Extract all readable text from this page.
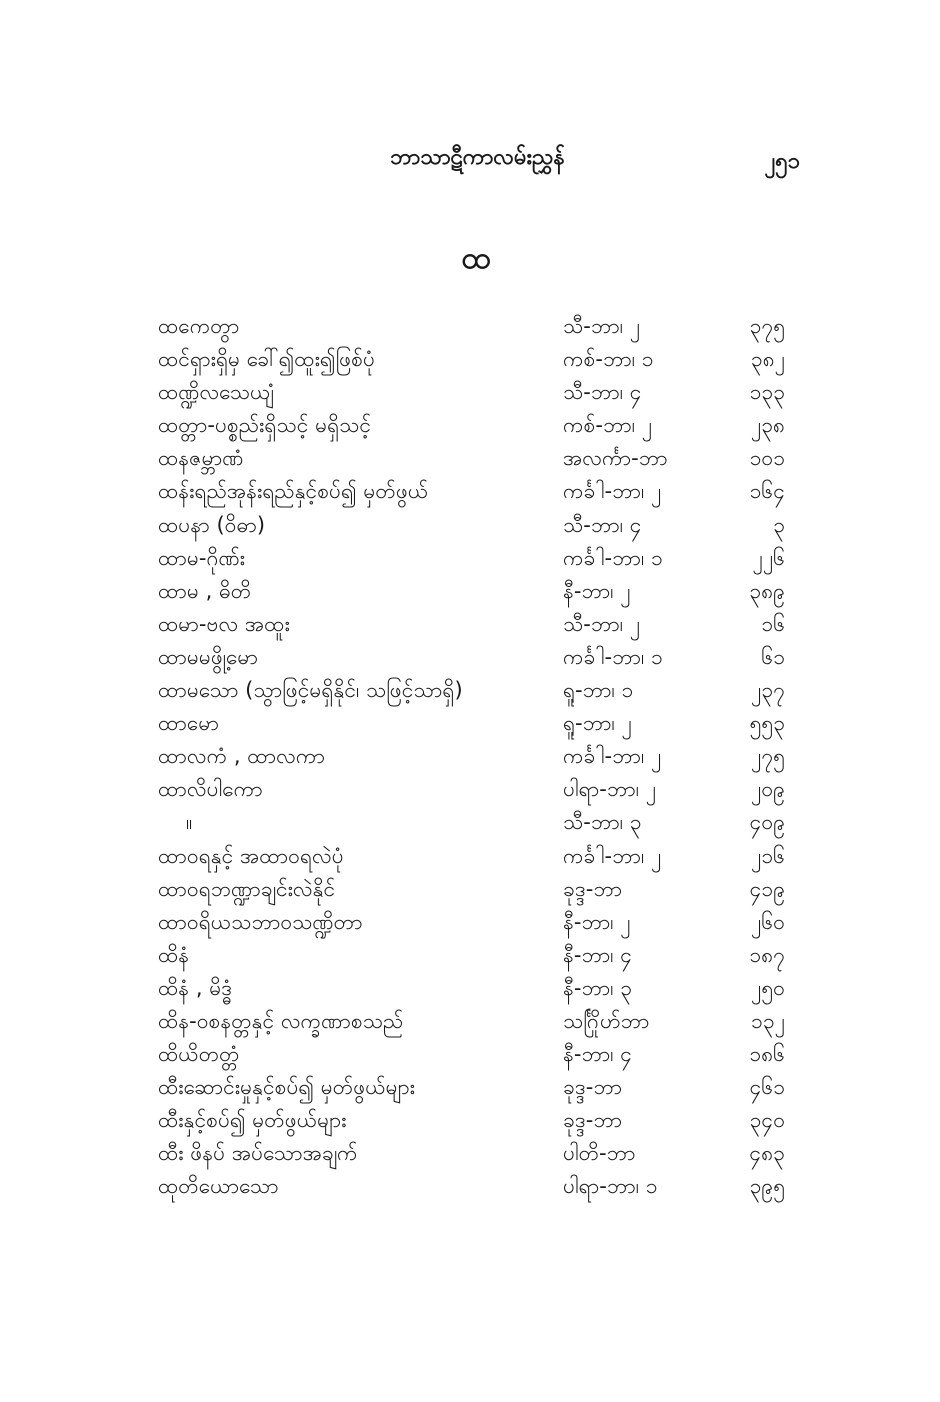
ဘာသာဋီကာလမ်းညွှန်	၂၅၁
ထ
ထကေတွာ	သီ-ဘာ၊ ၂	၃၇၅
ထင်ရှားရှိမှ ခေါ်၍ထူး၍ဖြစ်ပုံ	ကစ်-ဘာ၊ ၁	၃၈၂
ထဏ္ဍိလသေယျံ	သီ-ဘာ၊ ၄	၁၃၃
ထတ္တာ-ပစ္စည်းရှိသင့် မရှိသင့်	ကစ်-ဘာ၊ ၂	၂၃၈
ထနဇမ္ဘာဏံ	အလင်္ကာ-ဘာ	၁၀၁
ထန်းရည်အုန်းရည်နှင့်စပ်၍ မှတ်ဖွယ်	ကင်္ခါ-ဘာ၊ ၂	၁၆၄
ထပနာ (ဝိဓာ)	သီ-ဘာ၊ ၄	၃
ထာမ-ဂိုဏ်း	ကင်္ခါ-ဘာ၊ ၁	၂၂၆
ထာမ , ဓိတိ	နီ-ဘာ၊ ၂	၃၈၉
ထမာ-ဗလ အထူး	သီ-ဘာ၊ ၂	၁၆
ထာမမဖွို့မော	ကင်္ခါ-ဘာ၊ ၁	၆၁
ထာမသော (သွာဖြင့်မရှိနိုင်၊ သဖြင့်သာရှိ)	ရူ-ဘာ၊ ၁	၂၃၇
ထာမော	ရူ-ဘာ၊ ၂	၅၅၃
ထာလကံ , ထာလကာ	ကင်္ခါ-ဘာ၊ ၂	၂၇၅
ထာလိပါကော	ပါရာ-ဘာ၊ ၂	၂၀၉
။	သီ-ဘာ၊ ၃	၄၀၉
ထာဝရနှင့် အထာဝရလဲပုံ	ကင်္ခါ-ဘာ၊ ၂	၂၁၆
ထာဝရဘဏ္ဍာချင်းလဲနိုင်	ခုဒ္ဒ-ဘာ	၄၁၉
ထာဝရိယသဘာဝသဏ္ဍိတာ	နီ-ဘာ၊ ၂	၂၆၀
ထိနံ	နီ-ဘာ၊ ၄	၁၈၇
ထိနံ , မိဒ္ဓံ	နီ-ဘာ၊ ၃	၂၅၀
ထိန-ဝစနတ္တနှင့် လက္ခဏာစသည်	သင်္ဂြိုဟ်ဘာ	၁၃၂
ထိယိတတ္တံ	နီ-ဘာ၊ ၄	၁၈၆
ထီးဆောင်းမှုနှင့်စပ်၍ မှတ်ဖွယ်များ	ခုဒ္ဒ-ဘာ	၄၆၁
ထီးနှင့်စပ်၍ မှတ်ဖွယ်များ	ခုဒ္ဒ-ဘာ	၃၄၀
ထီး ဖိနပ် အပ်သောအချက်	ပါတိ-ဘာ	၄၈၃
ထုတိယောသော	ပါရာ-ဘာ၊ ၁	၃၉၅
